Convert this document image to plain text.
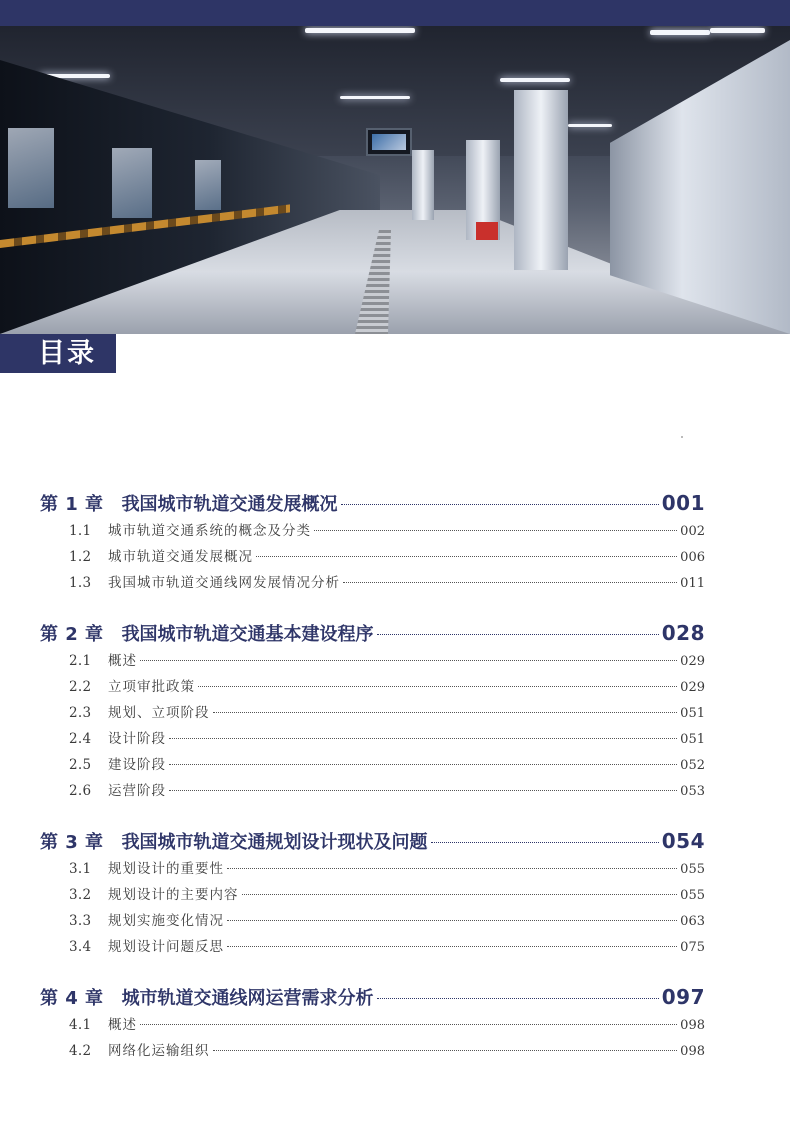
目录
第 1 章 我国城市轨道交通发展概况	001
1.1	城市轨道交通系统的概念及分类	002
1.2	城市轨道交通发展概况	006
1.3	我国城市轨道交通线网发展情况分析	011
第 2 章 我国城市轨道交通基本建设程序	028
2.1	概述	029
2.2	立项审批政策	029
2.3	规划、立项阶段	051
2.4	设计阶段	051
2.5	建设阶段	052
2.6	运营阶段	053
第 3 章 我国城市轨道交通规划设计现状及问题	054
3.1	规划设计的重要性	055
3.2	规划设计的主要内容	055
3.3	规划实施变化情况	063
3.4	规划设计问题反思	075
第 4 章 城市轨道交通线网运营需求分析	097
4.1	概述	098
4.2	网络化运输组织	098
